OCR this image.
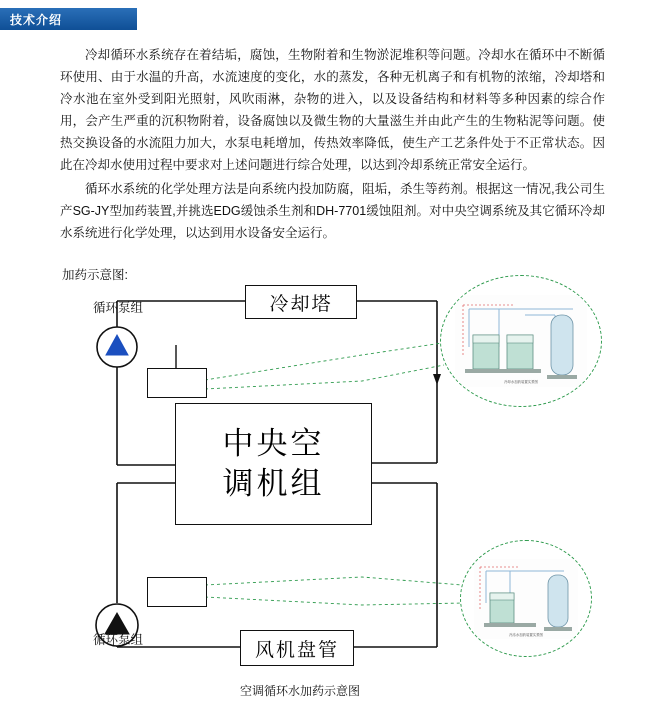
技术介绍

冷却循环水系统存在着结垢，腐蚀，生物附着和生物淤泥堆积等问题。冷却水在循环中不断循环使用、由于水温的升高，水流速度的变化，水的蒸发，各种无机离子和有机物的浓缩，冷却塔和冷水池在室外受到阳光照射，风吹雨淋，杂物的进入，以及设备结构和材料等多种因素的综合作用，会产生严重的沉积物附着，设备腐蚀以及微生物的大量滋生并由此产生的生物粘泥等问题。使热交换设备的水流阻力加大，水泵电耗增加，传热效率降低，使生产工艺条件处于不正常状态。因此在冷却水使用过程中要求对上述问题进行综合处理，以达到冷却系统正常安全运行。

循环水系统的化学处理方法是向系统内投加防腐，阻垢，杀生等药剂。根据这一情况,我公司生产SG-JY型加药装置,并挑选EDG缓蚀杀生剂和DH-7701缓蚀阻剂。对中央空调系统及其它循环冷却水系统进行化学处理，以达到用水设备安全运行。

加药示意图:
冷却塔
中央空
调机组
风机盘管
循环泵组
循环泵组
冷却水加药装置实景图
冷冻水加药装置实景图
空调循环水加药示意图
